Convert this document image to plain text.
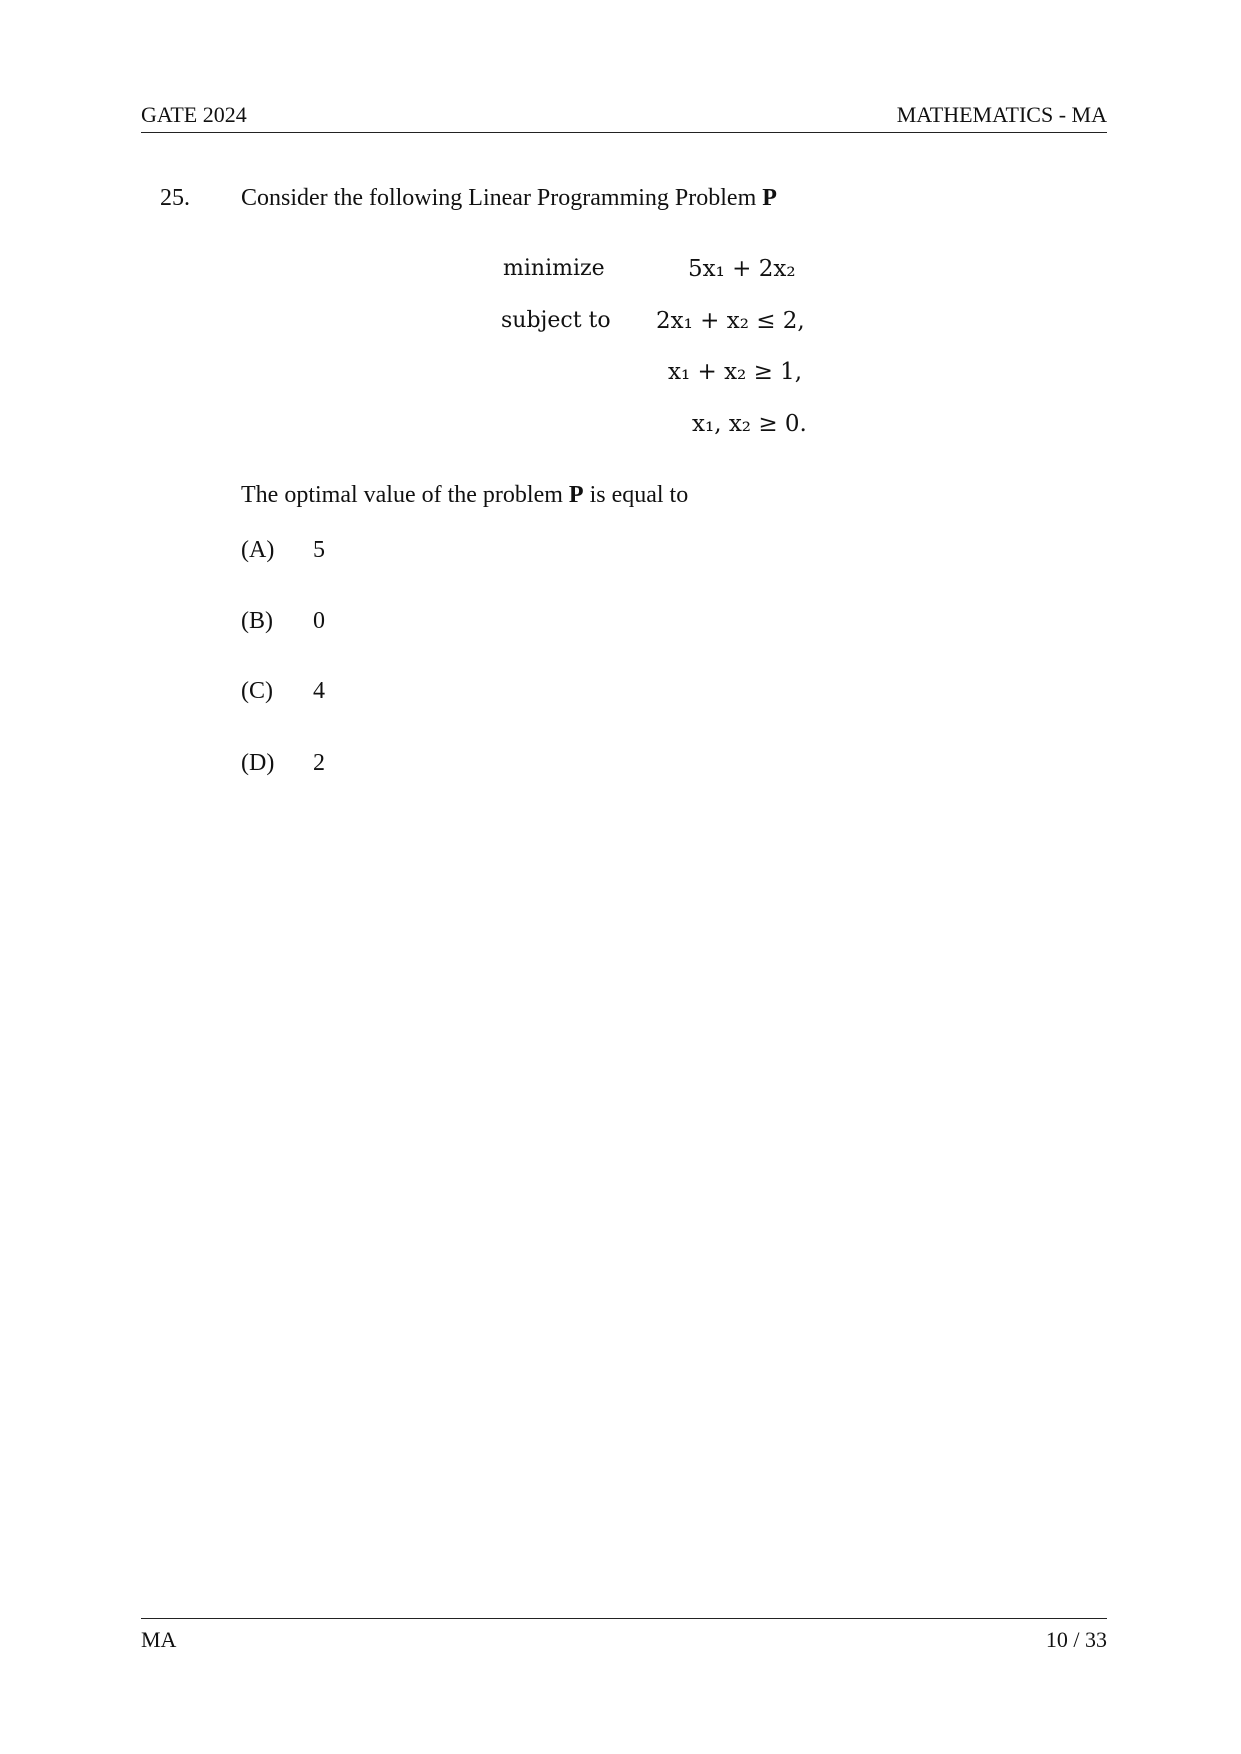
GATE 2024	MATHEMATICS - MA
25. Consider the following Linear Programming Problem P
minimize
subject to
5x₁ + 2x₂
2x₁ + x₂ ≤ 2,
x₁ + x₂ ≥ 1,
x₁, x₂ ≥ 0.
The optimal value of the problem P is equal to
(A) 5
(B) 0
(C) 4
(D) 2
MA	10 / 33
